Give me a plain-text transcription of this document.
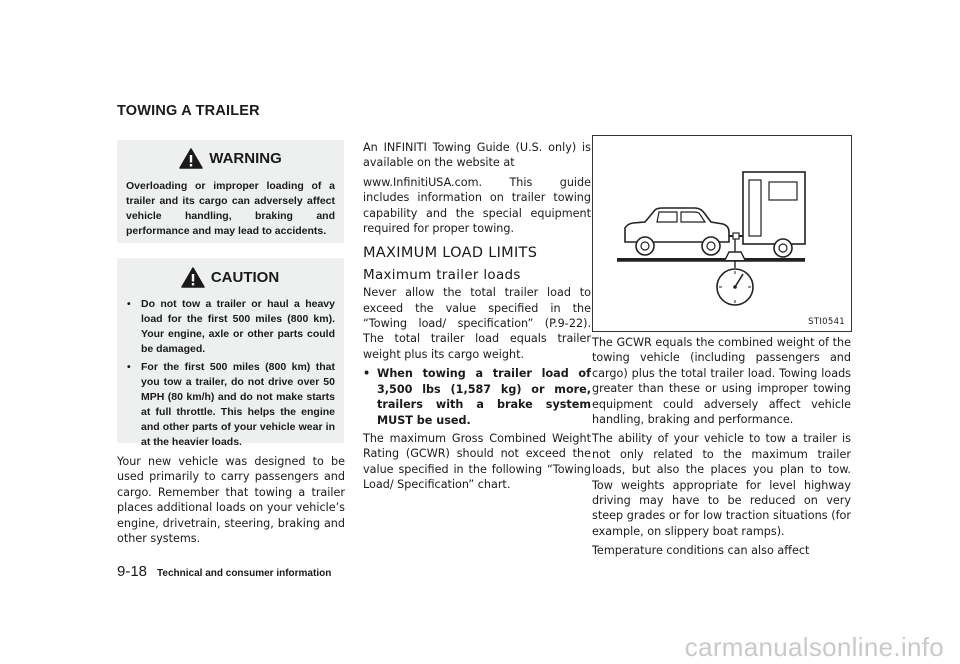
TOWING A TRAILER
WARNING

Overloading or improper loading of a trailer and its cargo can adversely affect vehicle handling, braking and performance and may lead to accidents.

CAUTION
• Do not tow a trailer or haul a heavy load for the first 500 miles (800 km). Your engine, axle or other parts could be damaged.
• For the first 500 miles (800 km) that you tow a trailer, do not drive over 50 MPH (80 km/h) and do not make starts at full throttle. This helps the engine and other parts of your vehicle wear in at the heavier loads.

Your new vehicle was designed to be used primarily to carry passengers and cargo. Remember that towing a trailer places additional loads on your vehicle’s engine, drivetrain, steering, braking and other systems.

An INFINITI Towing Guide (U.S. only) is available on the website at

www.InfinitiUSA.com. This guide includes information on trailer towing capability and the special equipment required for proper towing.

MAXIMUM LOAD LIMITS
Maximum trailer loads

Never allow the total trailer load to exceed the value specified in the “Towing load/ specification” (P.9-22). The total trailer load equals trailer weight plus its cargo weight.

• When towing a trailer load of 3,500 lbs (1,587 kg) or more, trailers with a brake system MUST be used.

The maximum Gross Combined Weight Rating (GCWR) should not exceed the value specified in the following “Towing Load/ Specification” chart.

STI0541

The GCWR equals the combined weight of the towing vehicle (including passengers and cargo) plus the total trailer load. Towing loads greater than these or using improper towing equipment could adversely affect vehicle handling, braking and performance.

The ability of your vehicle to tow a trailer is not only related to the maximum trailer loads, but also the places you plan to tow. Tow weights appropriate for level highway driving may have to be reduced on very steep grades or for low traction situations (for example, on slippery boat ramps).

Temperature conditions can also affect

9-18 Technical and consumer information
carmanualsonline.info
